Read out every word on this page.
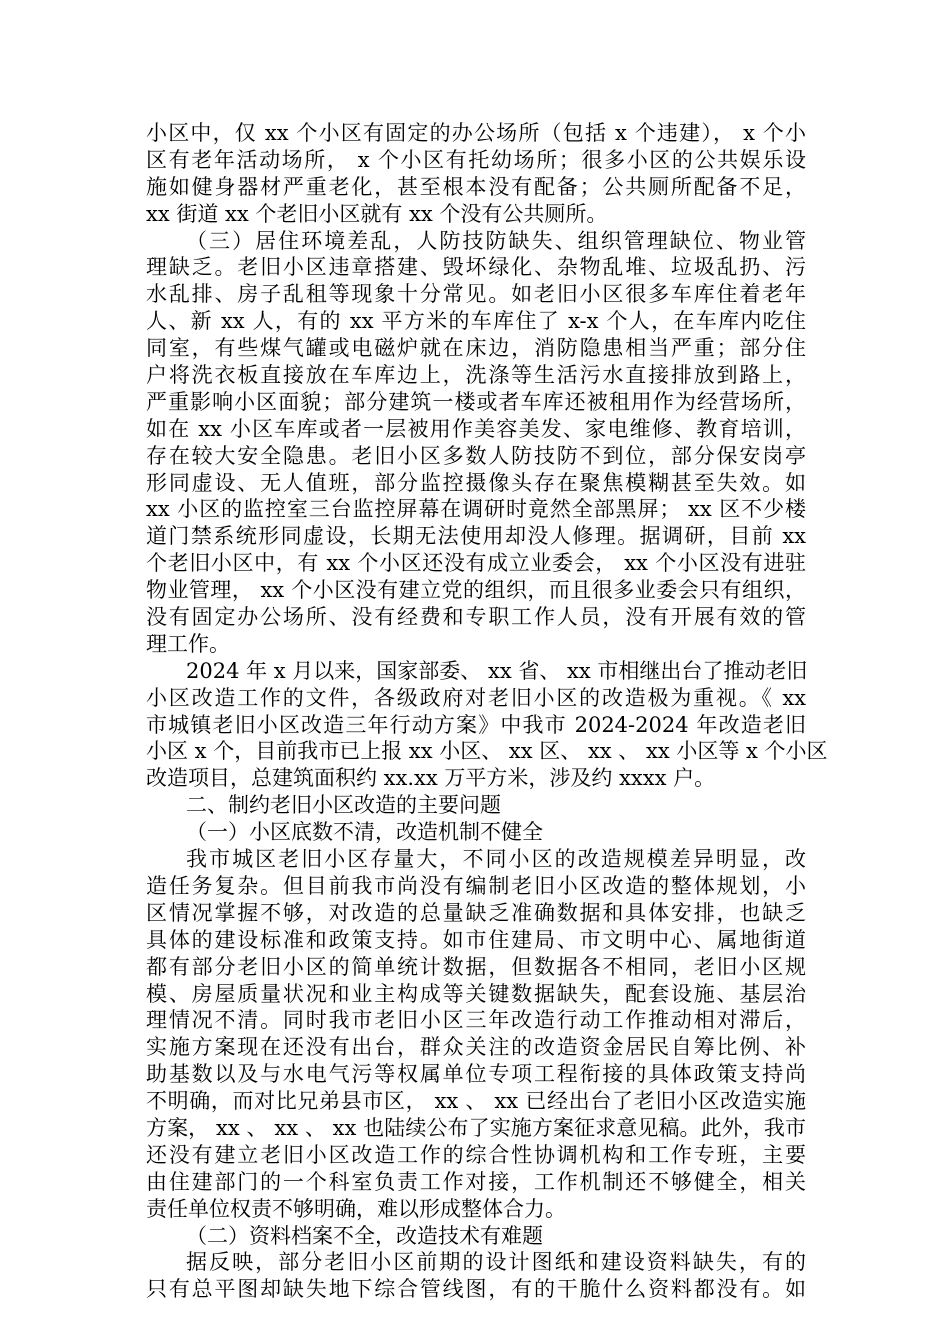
小区中，仅 xx 个小区有固定的办公场所（包括 x 个违建）， x 个小
区有老年活动场所， x 个小区有托幼场所；很多小区的公共娱乐设
施如健身器材严重老化，甚至根本没有配备；公共厕所配备不足，
xx 街道 xx 个老旧小区就有 xx 个没有公共厕所。
（三）居住环境差乱，人防技防缺失、组织管理缺位、物业管
理缺乏。老旧小区违章搭建、毁坏绿化、杂物乱堆、垃圾乱扔、污
水乱排、房子乱租等现象十分常见。如老旧小区很多车库住着老年
人、新 xx 人，有的 xx 平方米的车库住了 x-x 个人，在车库内吃住
同室，有些煤气罐或电磁炉就在床边，消防隐患相当严重；部分住
户将洗衣板直接放在车库边上，洗涤等生活污水直接排放到路上，
严重影响小区面貌；部分建筑一楼或者车库还被租用作为经营场所，
如在 xx 小区车库或者一层被用作美容美发、家电维修、教育培训，
存在较大安全隐患。老旧小区多数人防技防不到位，部分保安岗亭
形同虚设、无人值班，部分监控摄像头存在聚焦模糊甚至失效。如
xx 小区的监控室三台监控屏幕在调研时竟然全部黑屏； xx 区不少楼
道门禁系统形同虚设，长期无法使用却没人修理。据调研，目前 xx
个老旧小区中，有 xx 个小区还没有成立业委会， xx 个小区没有进驻
物业管理， xx 个小区没有建立党的组织，而且很多业委会只有组织，
没有固定办公场所、没有经费和专职工作人员，没有开展有效的管
理工作。
2024 年 x 月以来，国家部委、 xx 省、 xx 市相继出台了推动老旧
小区改造工作的文件，各级政府对老旧小区的改造极为重视。《 xx
市城镇老旧小区改造三年行动方案》中我市 2024-2024 年改造老旧
小区 x 个，目前我市已上报 xx 小区、 xx 区、 xx 、 xx 小区等 x 个小区
改造项目，总建筑面积约 xx.xx 万平方米，涉及约 xxxx 户。
二、制约老旧小区改造的主要问题
（一）小区底数不清，改造机制不健全
我市城区老旧小区存量大，不同小区的改造规模差异明显，改
造任务复杂。但目前我市尚没有编制老旧小区改造的整体规划，小
区情况掌握不够，对改造的总量缺乏准确数据和具体安排，也缺乏
具体的建设标准和政策支持。如市住建局、市文明中心、属地街道
都有部分老旧小区的简单统计数据，但数据各不相同，老旧小区规
模、房屋质量状况和业主构成等关键数据缺失，配套设施、基层治
理情况不清。同时我市老旧小区三年改造行动工作推动相对滞后，
实施方案现在还没有出台，群众关注的改造资金居民自筹比例、补
助基数以及与水电气污等权属单位专项工程衔接的具体政策支持尚
不明确，而对比兄弟县市区， xx 、 xx 已经出台了老旧小区改造实施
方案， xx 、 xx 、 xx 也陆续公布了实施方案征求意见稿。此外，我市
还没有建立老旧小区改造工作的综合性协调机构和工作专班，主要
由住建部门的一个科室负责工作对接，工作机制还不够健全，相关
责任单位权责不够明确，难以形成整体合力。
（二）资料档案不全，改造技术有难题
据反映，部分老旧小区前期的设计图纸和建设资料缺失，有的
只有总平图却缺失地下综合管线图，有的干脆什么资料都没有。如
